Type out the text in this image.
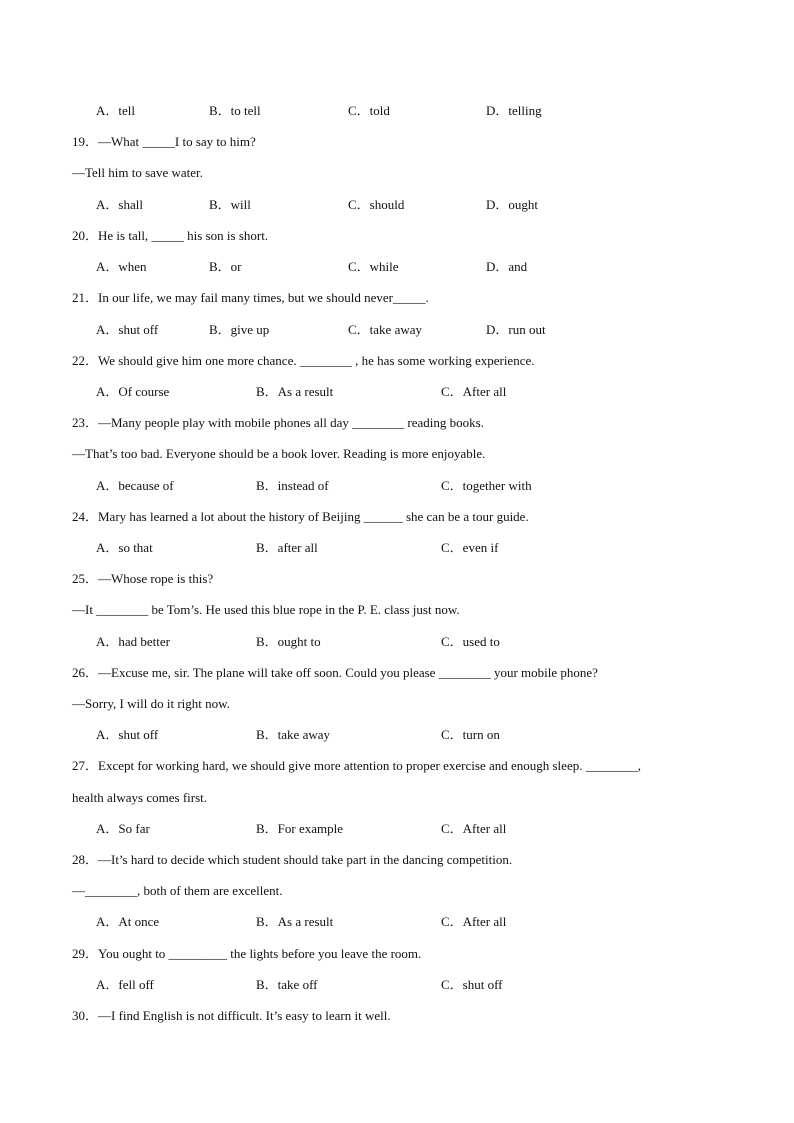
A．tell	B．to tell	C．told	D．telling
19．—What _____I to say to him?
—Tell him to save water.
A．shall	B．will	C．should	D．ought
20．He is tall, _____ his son is short.
A．when	B．or	C．while	D．and
21．In our life, we may fail many times, but we should never_____.
A．shut off	B．give up	C．take away	D．run out
22．We should give him one more chance. ________ , he has some working experience.
A．Of course	B．As a result	C．After all
23．—Many people play with mobile phones all day ________ reading books.
—That’s too bad. Everyone should be a book lover. Reading is more enjoyable.
A．because of	B．instead of	C．together with
24．Mary has learned a lot about the history of Beijing ______ she can be a tour guide.
A．so that	B．after all	C．even if
25．—Whose rope is this?
—It ________ be Tom’s. He used this blue rope in the P. E. class just now.
A．had better	B．ought to	C．used to
26．—Excuse me, sir. The plane will take off soon. Could you please ________ your mobile phone?
—Sorry, I will do it right now.
A．shut off	B．take away	C．turn on
27．Except for working hard, we should give more attention to proper exercise and enough sleep. ________,
health always comes first.
A．So far	B．For example	C．After all
28．—It’s hard to decide which student should take part in the dancing competition.
—________, both of them are excellent.
A．At once	B．As a result	C．After all
29．You ought to _________ the lights before you leave the room.
A．fell off	B．take off	C．shut off
30．—I find English is not difficult. It’s easy to learn it well.
